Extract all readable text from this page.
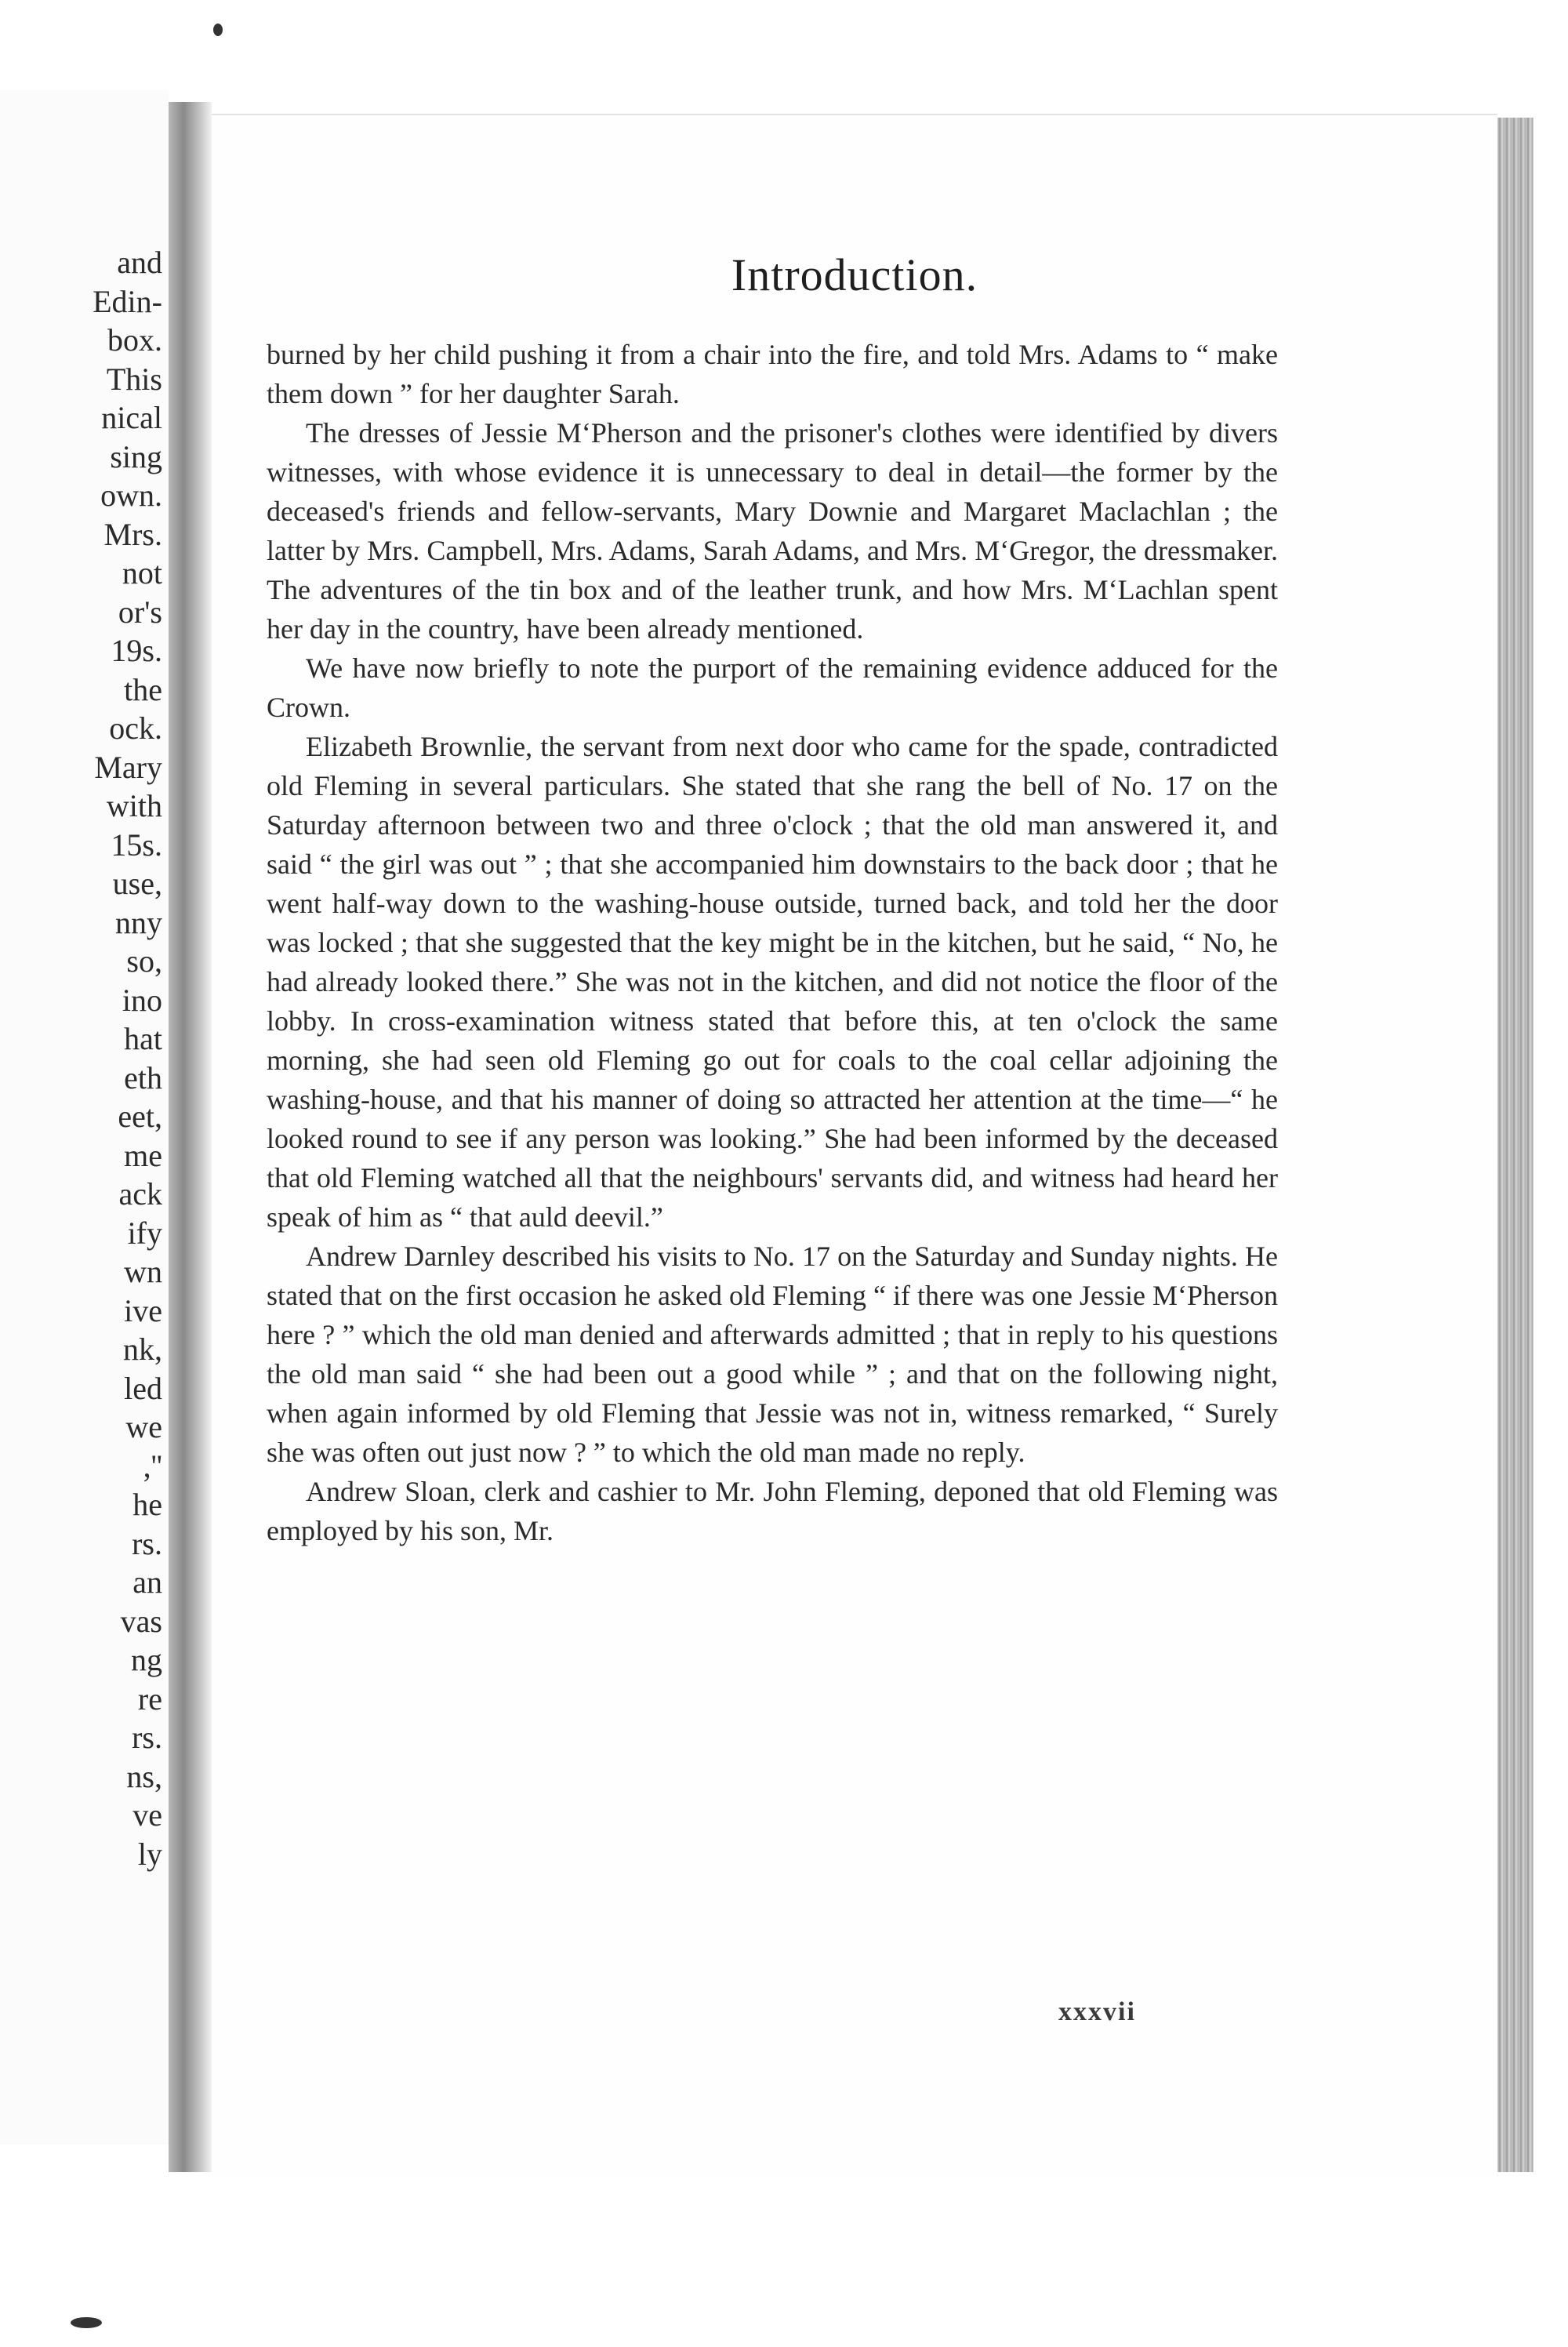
and
Edin-
box.
This
nical
sing
own.
Mrs.
not
or's
19s.
the
ock.
Mary
with
15s.
use,
nny
so,
ino
hat
eth
eet,
me
ack
ify
wn
ive
nk,
led
we
,''
he
rs.
an
vas
ng
re
rs.
ns,
ve
ly
Introduction.

burned by her child pushing it from a chair into the fire, and told Mrs. Adams to “ make them down ” for her daughter Sarah.

The dresses of Jessie M‘Pherson and the prisoner's clothes were identified by divers witnesses, with whose evidence it is unnecessary to deal in detail—the former by the deceased's friends and fellow-servants, Mary Downie and Margaret Maclachlan ; the latter by Mrs. Campbell, Mrs. Adams, Sarah Adams, and Mrs. M‘Gregor, the dressmaker. The adventures of the tin box and of the leather trunk, and how Mrs. M‘Lachlan spent her day in the country, have been already mentioned.

We have now briefly to note the purport of the remaining evidence adduced for the Crown.

Elizabeth Brownlie, the servant from next door who came for the spade, contradicted old Fleming in several particulars. She stated that she rang the bell of No. 17 on the Saturday afternoon between two and three o'clock ; that the old man answered it, and said “ the girl was out ” ; that she accompanied him downstairs to the back door ; that he went half-way down to the washing-house outside, turned back, and told her the door was locked ; that she suggested that the key might be in the kitchen, but he said, “ No, he had already looked there.” She was not in the kitchen, and did not notice the floor of the lobby. In cross-examination witness stated that before this, at ten o'clock the same morning, she had seen old Fleming go out for coals to the coal cellar adjoining the washing-house, and that his manner of doing so attracted her attention at the time—“ he looked round to see if any person was looking.” She had been informed by the deceased that old Fleming watched all that the neighbours' servants did, and witness had heard her speak of him as “ that auld deevil.”

Andrew Darnley described his visits to No. 17 on the Saturday and Sunday nights. He stated that on the first occasion he asked old Fleming “ if there was one Jessie M‘Pherson here ? ” which the old man denied and afterwards admitted ; that in reply to his questions the old man said “ she had been out a good while ” ; and that on the following night, when again informed by old Fleming that Jessie was not in, witness remarked, “ Surely she was often out just now ? ” to which the old man made no reply.

Andrew Sloan, clerk and cashier to Mr. John Fleming, deponed that old Fleming was employed by his son, Mr.

xxxvii
